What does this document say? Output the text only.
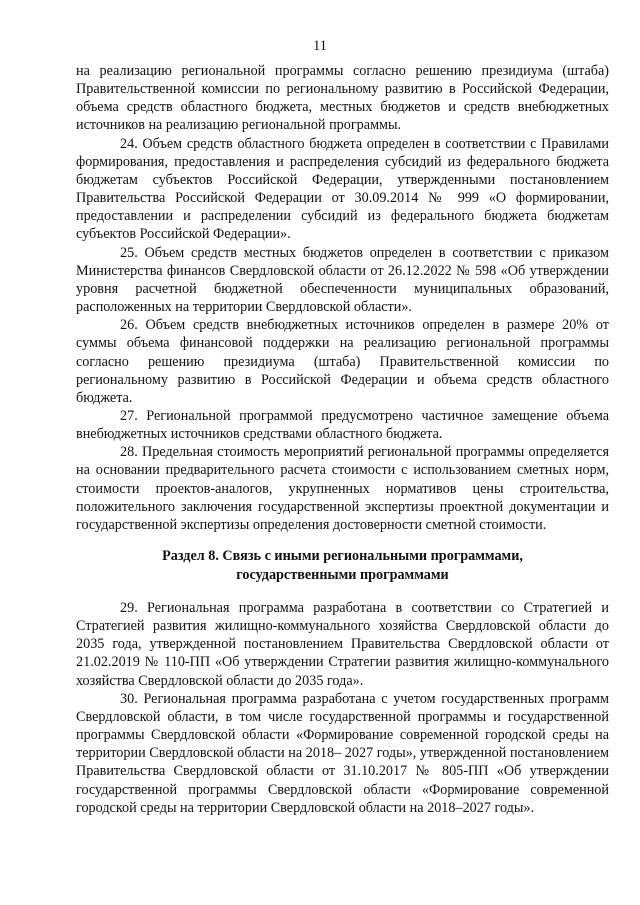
11

на реализацию региональной программы согласно решению президиума (штаба) Правительственной комиссии по региональному развитию в Российской Федерации, объема средств областного бюджета, местных бюджетов и средств внебюджетных источников на реализацию региональной программы.

24. Объем средств областного бюджета определен в соответствии с Правилами формирования, предоставления и распределения субсидий из федерального бюджета бюджетам субъектов Российской Федерации, утвержденными постановлением Правительства Российской Федерации от 30.09.2014 № 999 «О формировании, предоставлении и распределении субсидий из федерального бюджета бюджетам субъектов Российской Федерации».

25. Объем средств местных бюджетов определен в соответствии с приказом Министерства финансов Свердловской области от 26.12.2022 № 598 «Об утверждении уровня расчетной бюджетной обеспеченности муниципальных образований, расположенных на территории Свердловской области».

26. Объем средств внебюджетных источников определен в размере 20% от суммы объема финансовой поддержки на реализацию региональной программы согласно решению президиума (штаба) Правительственной комиссии по региональному развитию в Российской Федерации и объема средств областного бюджета.

27. Региональной программой предусмотрено частичное замещение объема внебюджетных источников средствами областного бюджета.

28. Предельная стоимость мероприятий региональной программы определяется на основании предварительного расчета стоимости с использованием сметных норм, стоимости проектов-аналогов, укрупненных нормативов цены строительства, положительного заключения государственной экспертизы проектной документации и государственной экспертизы определения достоверности сметной стоимости.

Раздел 8. Связь с иными региональными программами,
государственными программами

29. Региональная программа разработана в соответствии со Стратегией и Стратегией развития жилищно-коммунального хозяйства Свердловской области до 2035 года, утвержденной постановлением Правительства Свердловской области от 21.02.2019 № 110-ПП «Об утверждении Стратегии развития жилищно-коммунального хозяйства Свердловской области до 2035 года».

30. Региональная программа разработана с учетом государственных программ Свердловской области, в том числе государственной программы и государственной программы Свердловской области «Формирование современной городской среды на территории Свердловской области на 2018– 2027 годы», утвержденной постановлением Правительства Свердловской области от 31.10.2017 № 805-ПП «Об утверждении государственной программы Свердловской области «Формирование современной городской среды на территории Свердловской области на 2018–2027 годы».
